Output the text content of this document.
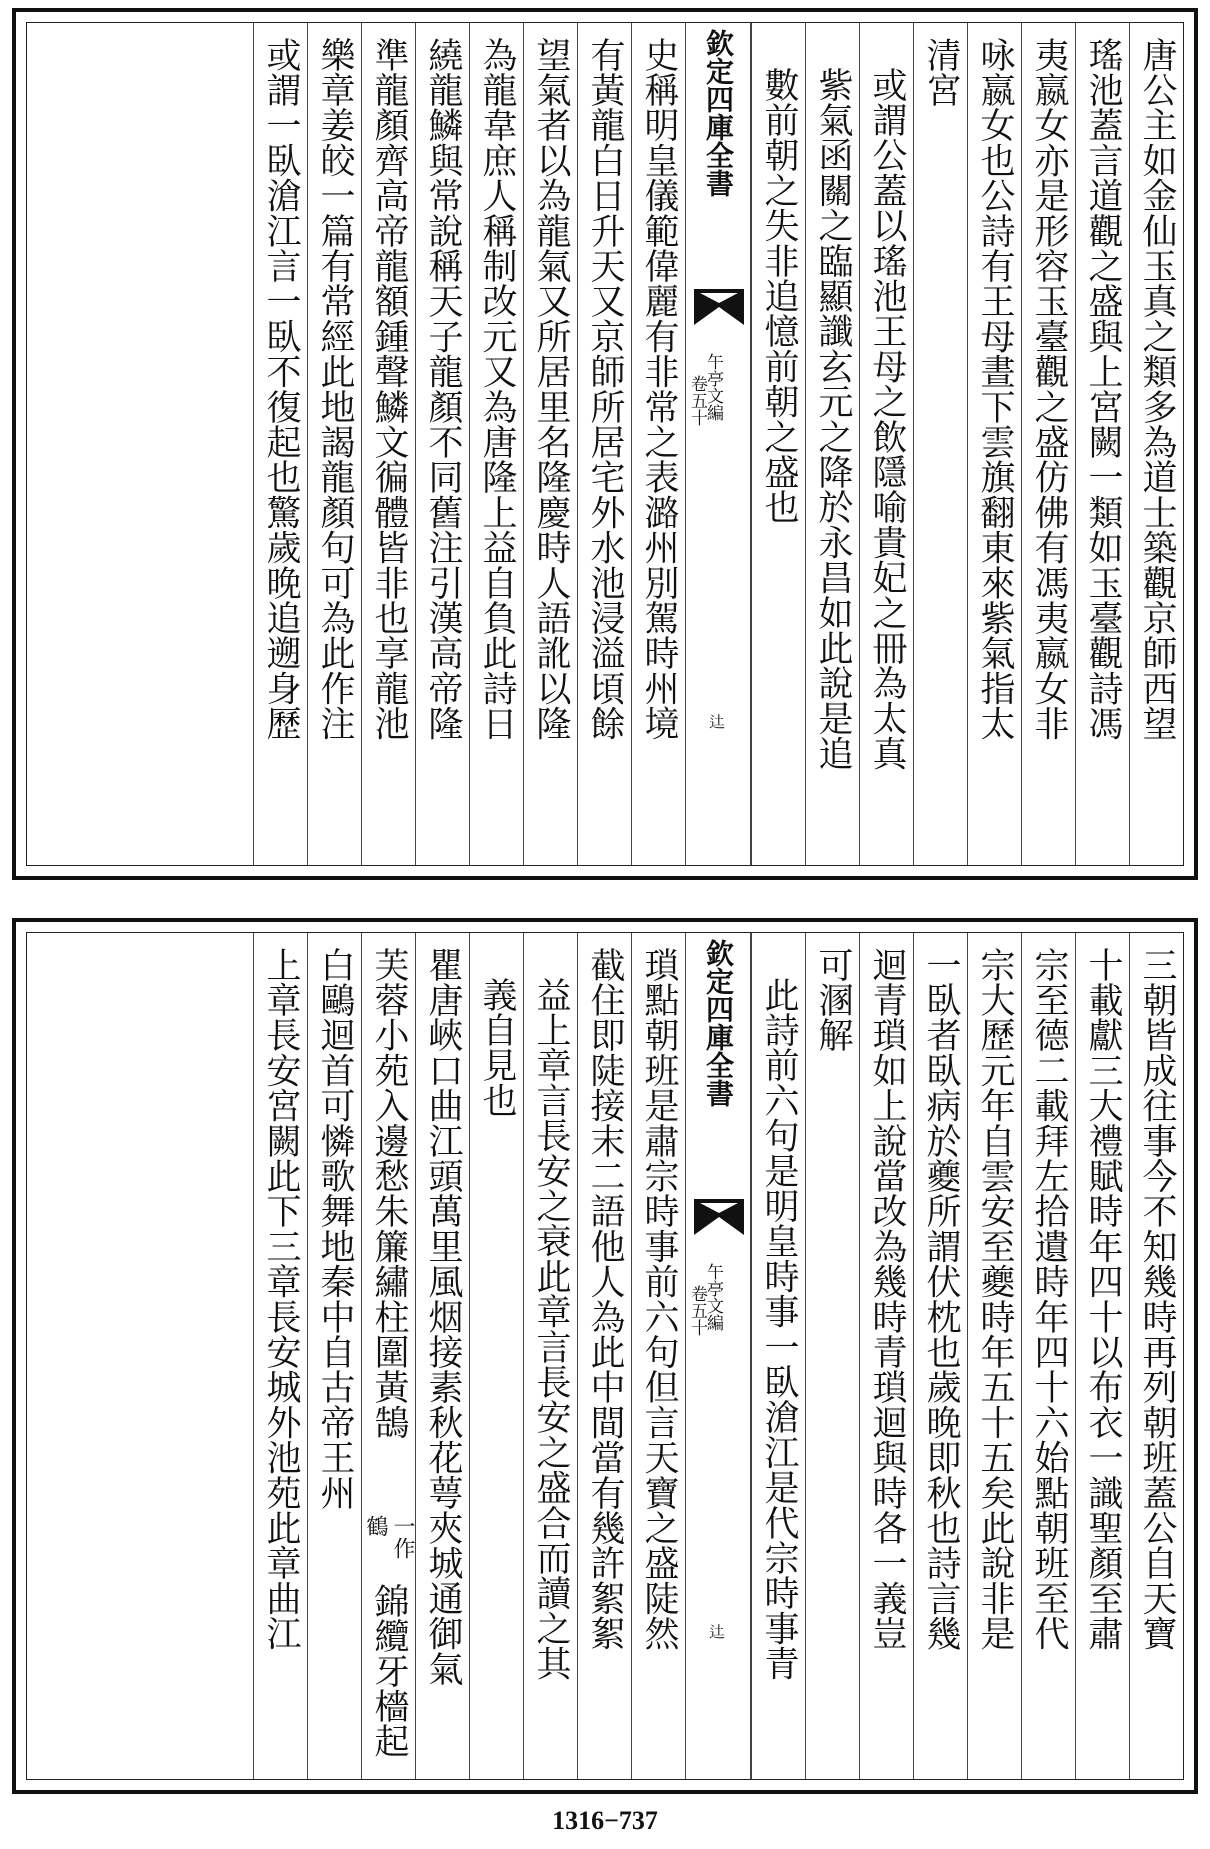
唐公主如金仙玉真之類多為道士築觀京師西望
瑤池蓋言道觀之盛與上宮闕一類如玉臺觀詩馮
夷嬴女亦是形容玉臺觀之盛仿佛有馮夷嬴女非
咏嬴女也公詩有王母晝下雲旗翻東來紫氣指太
清宮
或謂公蓋以瑤池王母之飲隱喻貴妃之冊為太真
紫氣函關之臨顯讖玄元之降於永昌如此說是追
數前朝之失非追憶前朝之盛也
欽定四庫全書
午亭文編
卷五十
𨑒
史稱明皇儀範偉麗有非常之表潞州別駕時州境
有黃龍白日升天又京師所居宅外水池浸溢頃餘
望氣者以為龍氣又所居里名隆慶時人語訛以隆
為龍韋庶人稱制改元又為唐隆上益自負此詩日
繞龍鱗與常說稱天子龍顏不同舊注引漢高帝隆
準龍顏齊高帝龍額鍾聲鱗文徧體皆非也享龍池
樂章姜皎一篇有常經此地謁龍顏句可為此作注
或謂一臥滄江言一臥不復起也驚歲晚追遡身歷
三朝皆成往事今不知幾時再列朝班蓋公自天寶
十載獻三大禮賦時年四十以布衣一識聖顏至肅
宗至德二載拜左拾遺時年四十六始點朝班至代
宗大歷元年自雲安至夔時年五十五矣此說非是
一臥者臥病於夔所謂伏枕也歲晚即秋也詩言幾
迴青瑣如上說當改為幾時青瑣迴與時各一義豈
可溷解
此詩前六句是明皇時事一臥滄江是代宗時事青
欽定四庫全書
午亭文編
卷五十
𨑒
瑣點朝班是肅宗時事前六句但言天寶之盛陡然
截住即陡接末二語他人為此中間當有幾許絮絮
益上章言長安之衰此章言長安之盛合而讀之其
義自見也
瞿唐峽口曲江頭萬里風烟接素秋花萼夾城通御氣
芙蓉小苑入邊愁朱簾繡柱圍黃鵠
一作
鶴
錦纜牙檣起
白鷗迴首可憐歌舞地秦中自古帝王州
上章長安宮闕此下三章長安城外池苑此章曲江
1316−737
